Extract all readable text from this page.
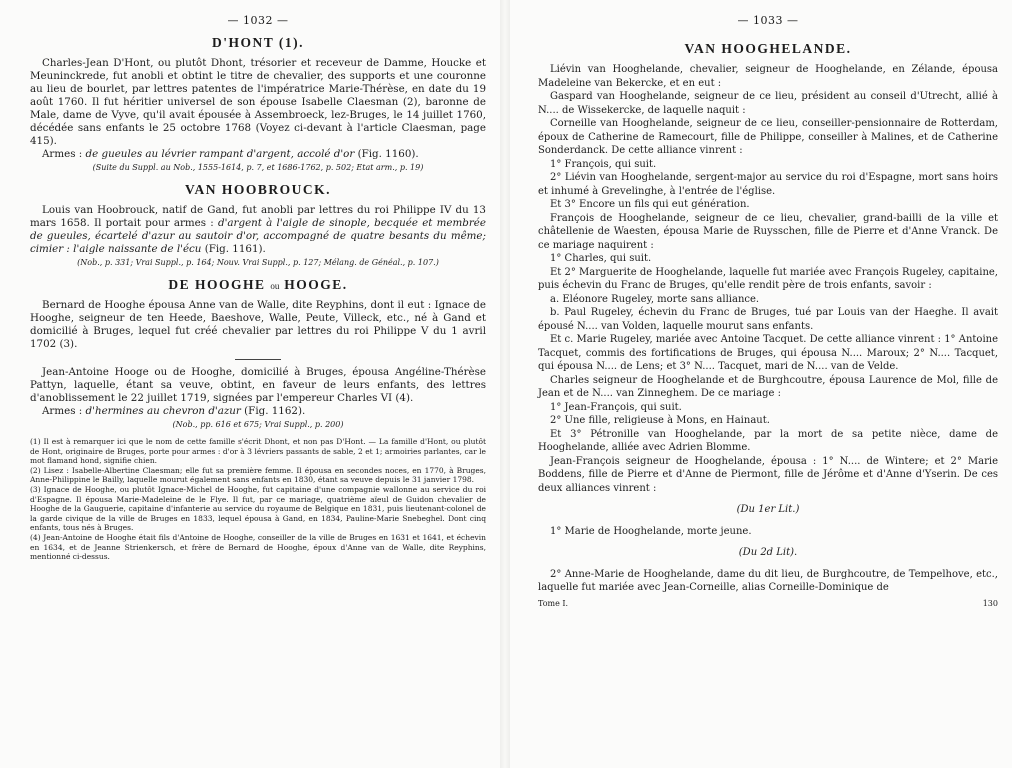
— 1032 —
D'HONT (1).

Charles-Jean D'Hont, ou plutôt Dhont, trésorier et receveur de Damme, Houcke et Meuninckrede, fut anobli et obtint le titre de chevalier, des supports et une couronne au lieu de bourlet, par lettres patentes de l'impératrice Marie-Thérèse, en date du 19 août 1760. Il fut héritier universel de son épouse Isabelle Claesman (2), baronne de Male, dame de Vyve, qu'il avait épousée à Assembroeck, lez-Bruges, le 14 juillet 1760, décédée sans enfants le 25 octobre 1768 (Voyez ci-devant à l'article Claesman, page 415).

Armes : de gueules au lévrier rampant d'argent, accolé d'or (Fig. 1160).

(Suite du Suppl. au Nob., 1555-1614, p. 7, et 1686-1762, p. 502; Etat arm., p. 19)
VAN HOOBROUCK.

Louis van Hoobrouck, natif de Gand, fut anobli par lettres du roi Philippe IV du 13 mars 1658. Il portait pour armes : d'argent à l'aigle de sinople, becquée et membrée de gueules, écartelé d'azur au sautoir d'or, accompagné de quatre besants du même; cimier : l'aigle naissante de l'écu (Fig. 1161).

(Nob., p. 331; Vrai Suppl., p. 164; Nouv. Vrai Suppl., p. 127; Mélang. de Généal., p. 107.)
DE HOOGHE ou HOOGE.

Bernard de Hooghe épousa Anne van de Walle, dite Reyphins, dont il eut : Ignace de Hooghe, seigneur de ten Heede, Baeshove, Walle, Peute, Villeck, etc., né à Gand et domicilié à Bruges, lequel fut créé chevalier par lettres du roi Philippe V du 1 avril 1702 (3).

Jean-Antoine Hooge ou de Hooghe, domicilié à Bruges, épousa Angéline-Thérèse Pattyn, laquelle, étant sa veuve, obtint, en faveur de leurs enfants, des lettres d'anoblissement le 22 juillet 1719, signées par l'empereur Charles VI (4).

Armes : d'hermines au chevron d'azur (Fig. 1162).

(Nob., pp. 616 et 675; Vrai Suppl., p. 200)

(1) Il est à remarquer ici que le nom de cette famille s'écrit Dhont, et non pas D'Hont. — La famille d'Hont, ou plutôt de Hont, originaire de Bruges, porte pour armes : d'or à 3 lévriers passants de sable, 2 et 1; armoiries parlantes, car le mot flamand hond, signifie chien.

(2) Lisez : Isabelle-Albertine Claesman; elle fut sa première femme. Il épousa en secondes noces, en 1770, à Bruges, Anne-Philippine le Bailly, laquelle mourut également sans enfants en 1830, étant sa veuve depuis le 31 janvier 1798.

(3) Ignace de Hooghe, ou plutôt Ignace-Michel de Hooghe, fut capitaine d'une compagnie wallonne au service du roi d'Espagne. Il épousa Marie-Madeleine de le Flye. Il fut, par ce mariage, quatrième aïeul de Guidon chevalier de Hooghe de la Gauguerie, capitaine d'infanterie au service du royaume de Belgique en 1831, puis lieutenant-colonel de la garde civique de la ville de Bruges en 1833, lequel épousa à Gand, en 1834, Pauline-Marie Snebeghel. Dont cinq enfants, tous nés à Bruges.

(4) Jean-Antoine de Hooghe était fils d'Antoine de Hooghe, conseiller de la ville de Bruges en 1631 et 1641, et échevin en 1634, et de Jeanne Strienkersch, et frère de Bernard de Hooghe, époux d'Anne van de Walle, dite Reyphins, mentionné ci-dessus.

— 1033 —
VAN HOOGHELANDE.

Liévin van Hooghelande, chevalier, seigneur de Hooghelande, en Zélande, épousa Madeleine van Bekercke, et en eut :

Gaspard van Hooghelande, seigneur de ce lieu, président au conseil d'Utrecht, allié à N.... de Wissekercke, de laquelle naquit :

Corneille van Hooghelande, seigneur de ce lieu, conseiller-pensionnaire de Rotterdam, époux de Catherine de Ramecourt, fille de Philippe, conseiller à Malines, et de Catherine Sonderdanck. De cette alliance vinrent :

1° François, qui suit.

2° Liévin van Hooghelande, sergent-major au service du roi d'Espagne, mort sans hoirs et inhumé à Grevelinghe, à l'entrée de l'église.

Et 3° Encore un fils qui eut génération.

François de Hooghelande, seigneur de ce lieu, chevalier, grand-bailli de la ville et châtellenie de Waesten, épousa Marie de Ruysschen, fille de Pierre et d'Anne Vranck. De ce mariage naquirent :

1° Charles, qui suit.

Et 2° Marguerite de Hooghelande, laquelle fut mariée avec François Rugeley, capitaine, puis échevin du Franc de Bruges, qu'elle rendit père de trois enfants, savoir :

a. Eléonore Rugeley, morte sans alliance.

b. Paul Rugeley, échevin du Franc de Bruges, tué par Louis van der Haeghe. Il avait épousé N.... van Volden, laquelle mourut sans enfants.

Et c. Marie Rugeley, mariée avec Antoine Tacquet. De cette alliance vinrent : 1° Antoine Tacquet, commis des fortifications de Bruges, qui épousa N.... Maroux; 2° N.... Tacquet, qui épousa N.... de Lens; et 3° N.... Tacquet, mari de N.... van de Velde.

Charles seigneur de Hooghelande et de Burghcoutre, épousa Laurence de Mol, fille de Jean et de N.... van Zinneghem. De ce mariage :

1° Jean-François, qui suit.

2° Une fille, religieuse à Mons, en Hainaut.

Et 3° Pétronille van Hooghelande, par la mort de sa petite nièce, dame de Hooghelande, alliée avec Adrien Blomme.

Jean-François seigneur de Hooghelande, épousa : 1° N.... de Wintere; et 2° Marie Boddens, fille de Pierre et d'Anne de Piermont, fille de Jérôme et d'Anne d'Yserin. De ces deux alliances vinrent :

(Du 1er Lit.)

1° Marie de Hooghelande, morte jeune.

(Du 2d Lit).

2° Anne-Marie de Hooghelande, dame du dit lieu, de Burghcoutre, de Tempelhove, etc., laquelle fut mariée avec Jean-Corneille, alias Corneille-Dominique de

Tome I.	130
